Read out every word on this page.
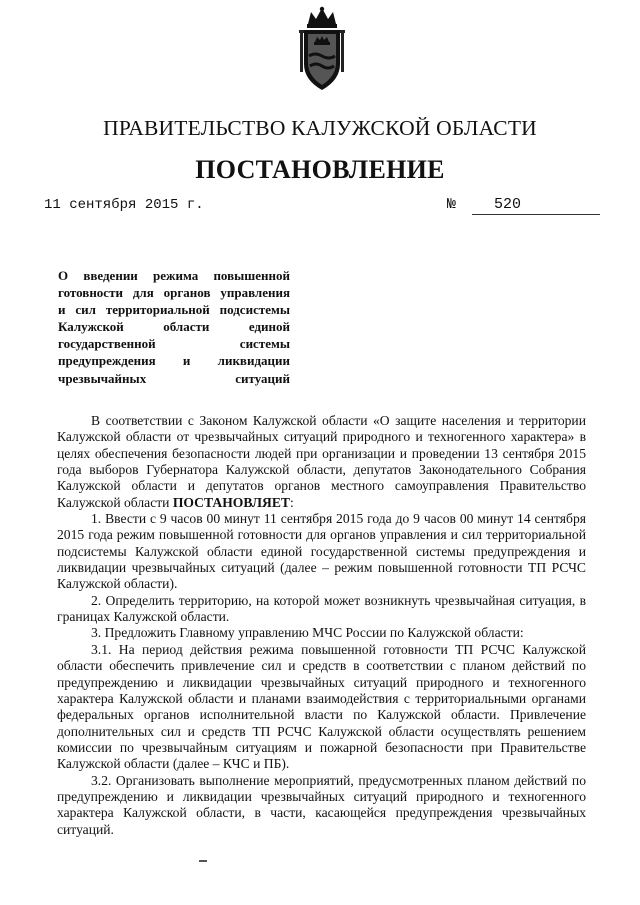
ПРАВИТЕЛЬСТВО КАЛУЖСКОЙ ОБЛАСТИ
ПОСТАНОВЛЕНИЕ
11 сентября 2015 г.	№	520
О введении режима повышенной
готовности для органов управления
и сил территориальной подсистемы
Калужской области единой
государственной системы
предупреждения и ликвидации
чрезвычайных ситуаций

В соответствии с Законом Калужской области «О защите населения и территории Калужской области от чрезвычайных ситуаций природного и техногенного характера» в целях обеспечения безопасности людей при организации и проведении 13 сентября 2015 года выборов Губернатора Калужской области, депутатов Законодательного Собрания Калужской области и депутатов органов местного самоуправления Правительство Калужской области ПОСТАНОВЛЯЕТ:

1. Ввести с 9 часов 00 минут 11 сентября 2015 года до 9 часов 00 минут 14 сентября 2015 года режим повышенной готовности для органов управления и сил территориальной подсистемы Калужской области единой государственной системы предупреждения и ликвидации чрезвычайных ситуаций (далее – режим повышенной готовности ТП РСЧС Калужской области).

2. Определить территорию, на которой может возникнуть чрезвычайная ситуация, в границах Калужской области.

3. Предложить Главному управлению МЧС России по Калужской области:

3.1. На период действия режима повышенной готовности ТП РСЧС Калужской области обеспечить привлечение сил и средств в соответствии с планом действий по предупреждению и ликвидации чрезвычайных ситуаций природного и техногенного характера Калужской области и планами взаимодействия с территориальными органами федеральных органов исполнительной власти по Калужской области. Привлечение дополнительных сил и средств ТП РСЧС Калужской области осуществлять решением комиссии по чрезвычайным ситуациям и пожарной безопасности при Правительстве Калужской области (далее – КЧС и ПБ).

3.2. Организовать выполнение мероприятий, предусмотренных планом действий по предупреждению и ликвидации чрезвычайных ситуаций природного и техногенного характера Калужской области, в части, касающейся предупреждения чрезвычайных ситуаций.
